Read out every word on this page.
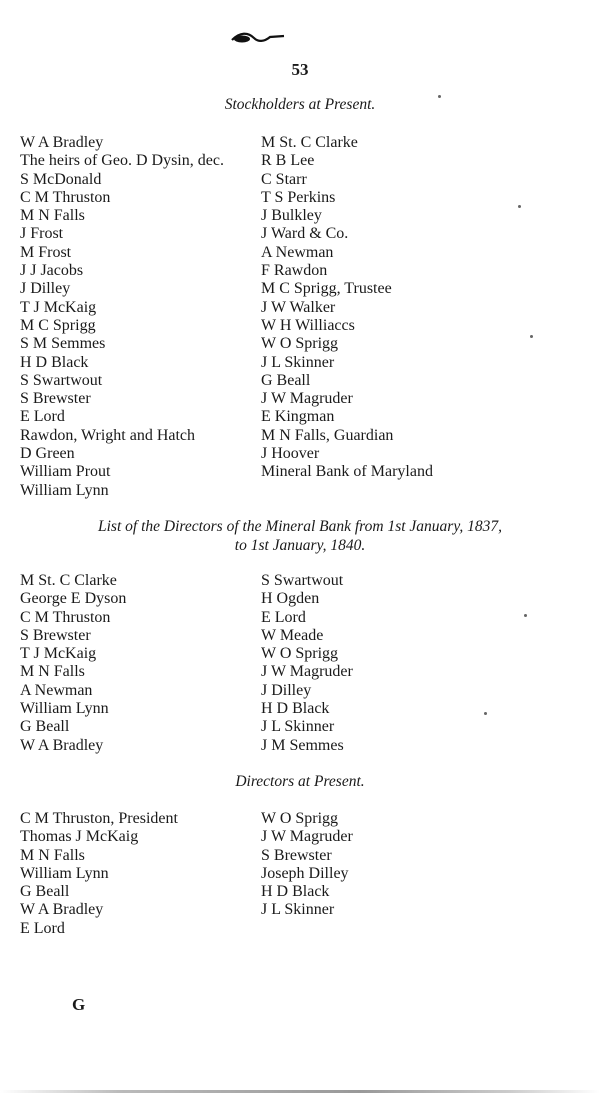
53
Stockholders at Present.
W A Bradley
The heirs of Geo. D Dysin, dec.
S McDonald
C M Thruston
M N Falls
J Frost
M Frost
J J Jacobs
J Dilley
T J McKaig
M C Sprigg
S M Semmes
H D Black
S Swartwout
S Brewster
E Lord
Rawdon, Wright and Hatch
D Green
William Prout
William Lynn
M St. C Clarke
R B Lee
C Starr
T S Perkins
J Bulkley
J Ward & Co.
A Newman
F Rawdon
M C Sprigg, Trustee
J W Walker
W H Williaccs
W O Sprigg
J L Skinner
G Beall
J W Magruder
E Kingman
M N Falls, Guardian
J Hoover
Mineral Bank of Maryland
List of the Directors of the Mineral Bank from 1st January, 1837,
to 1st January, 1840.
M St. C Clarke
George E Dyson
C M Thruston
S Brewster
T J McKaig
M N Falls
A Newman
William Lynn
G Beall
W A Bradley
S Swartwout
H Ogden
E Lord
W Meade
W O Sprigg
J W Magruder
J Dilley
H D Black
J L Skinner
J M Semmes
Directors at Present.
C M Thruston, President
Thomas J McKaig
M N Falls
William Lynn
G Beall
W A Bradley
E Lord
W O Sprigg
J W Magruder
S Brewster
Joseph Dilley
H D Black
J L Skinner
G
